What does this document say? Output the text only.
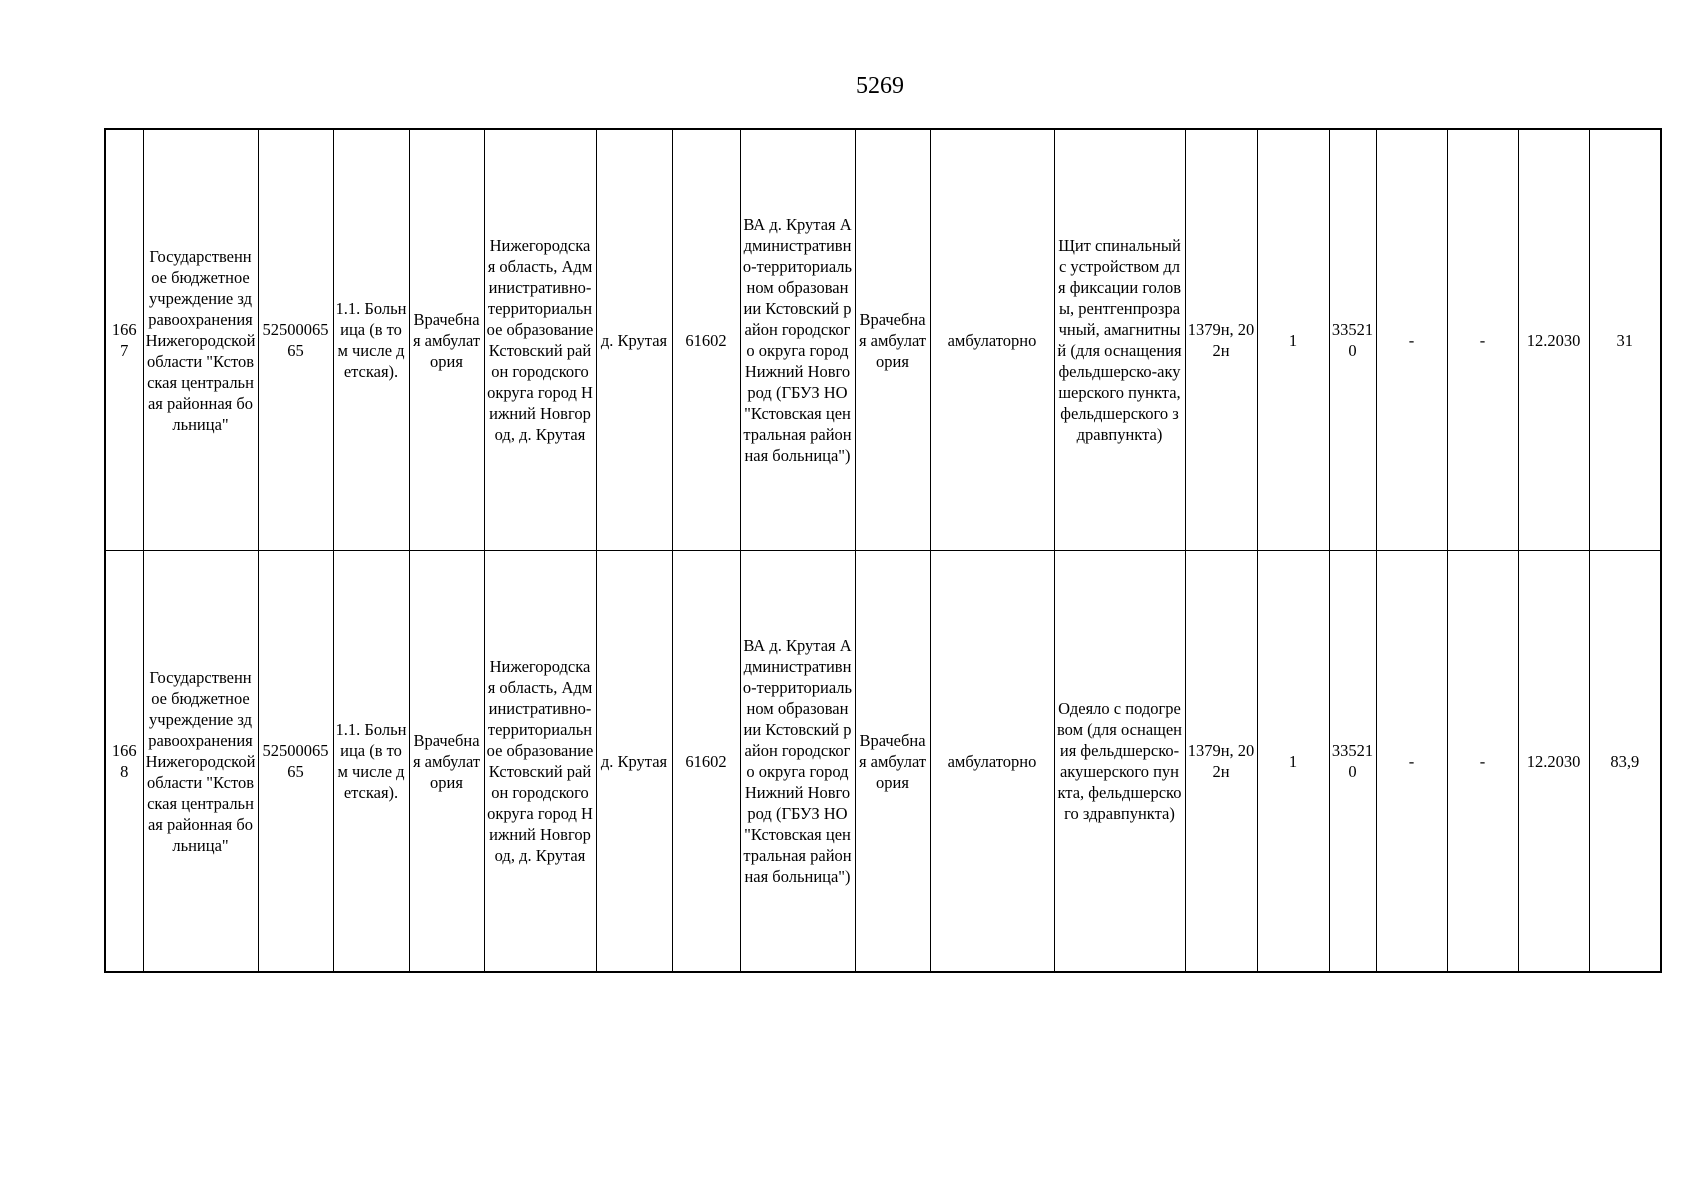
5269
1667	Государственное бюджетное учреждение здравоохранения Нижегородской области "Кстовская центральная районная больница"	5250006565	1.1. Больница (в том числе детская).	Врачебная амбулатория	Нижегородская область, Административно-территориальное образование Кстовский район городского округа город Нижний Новгород, д. Крутая	д. Крутая	61602	ВА д. Крутая Административно-территориальном образовании Кстовский район городского округа город Нижний Новгород (ГБУЗ НО "Кстовская центральная районная больница")	Врачебная амбулатория	амбулаторно	Щит спинальный с устройством для фиксации головы, рентгенпрозрачный, амагнитный (для оснащения фельдшерско-акушерского пункта, фельдшерского здравпункта)	1379н, 202н	1	335210	-	-	12.2030	31
1668	Государственное бюджетное учреждение здравоохранения Нижегородской области "Кстовская центральная районная больница"	5250006565	1.1. Больница (в том числе детская).	Врачебная амбулатория	Нижегородская область, Административно-территориальное образование Кстовский район городского округа город Нижний Новгород, д. Крутая	д. Крутая	61602	ВА д. Крутая Административно-территориальном образовании Кстовский район городского округа город Нижний Новгород (ГБУЗ НО "Кстовская центральная районная больница")	Врачебная амбулатория	амбулаторно	Одеяло с подогревом (для оснащения фельдшерско-акушерского пункта, фельдшерского здравпункта)	1379н, 202н	1	335210	-	-	12.2030	83,9
